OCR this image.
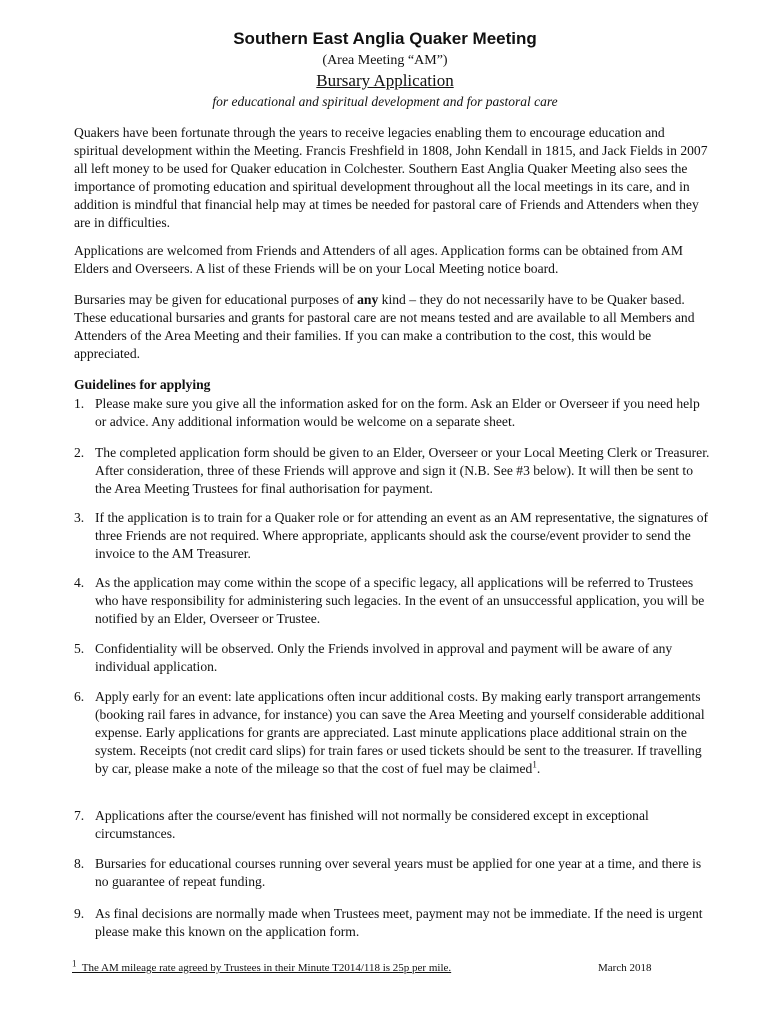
Southern East Anglia Quaker Meeting
(Area Meeting “AM”)
Bursary Application
for educational and spiritual development and for pastoral care

Quakers have been fortunate through the years to receive legacies enabling them to encourage education and spiritual development within the Meeting. Francis Freshfield in 1808, John Kendall in 1815, and Jack Fields in 2007 all left money to be used for Quaker education in Colchester. Southern East Anglia Quaker Meeting also sees the importance of promoting education and spiritual development throughout all the local meetings in its care, and in addition is mindful that financial help may at times be needed for pastoral care of Friends and Attenders when they are in difficulties.

Applications are welcomed from Friends and Attenders of all ages. Application forms can be obtained from AM Elders and Overseers. A list of these Friends will be on your Local Meeting notice board.

Bursaries may be given for educational purposes of any kind – they do not necessarily have to be Quaker based. These educational bursaries and grants for pastoral care are not means tested and are available to all Members and Attenders of the Area Meeting and their families. If you can make a contribution to the cost, this would be appreciated.

Guidelines for applying
1. Please make sure you give all the information asked for on the form. Ask an Elder or Overseer if you need help or advice. Any additional information would be welcome on a separate sheet.
2. The completed application form should be given to an Elder, Overseer or your Local Meeting Clerk or Treasurer. After consideration, three of these Friends will approve and sign it (N.B. See #3 below). It will then be sent to the Area Meeting Trustees for final authorisation for payment.
3. If the application is to train for a Quaker role or for attending an event as an AM representative, the signatures of three Friends are not required. Where appropriate, applicants should ask the course/event provider to send the invoice to the AM Treasurer.
4. As the application may come within the scope of a specific legacy, all applications will be referred to Trustees who have responsibility for administering such legacies. In the event of an unsuccessful application, you will be notified by an Elder, Overseer or Trustee.
5. Confidentiality will be observed. Only the Friends involved in approval and payment will be aware of any individual application.
6. Apply early for an event: late applications often incur additional costs. By making early transport arrangements (booking rail fares in advance, for instance) you can save the Area Meeting and yourself considerable additional expense. Early applications for grants are appreciated. Last minute applications place additional strain on the system. Receipts (not credit card slips) for train fares or used tickets should be sent to the treasurer. If travelling by car, please make a note of the mileage so that the cost of fuel may be claimed$^1$.
7. Applications after the course/event has finished will not normally be considered except in exceptional circumstances.
8. Bursaries for educational courses running over several years must be applied for one year at a time, and there is no guarantee of repeat funding.
9. As final decisions are normally made when Trustees meet, payment may not be immediate. If the need is urgent please make this known on the application form.
$^1$  The AM mileage rate agreed by Trustees in their Minute T2014/118 is 25p per mile.	March 2018
